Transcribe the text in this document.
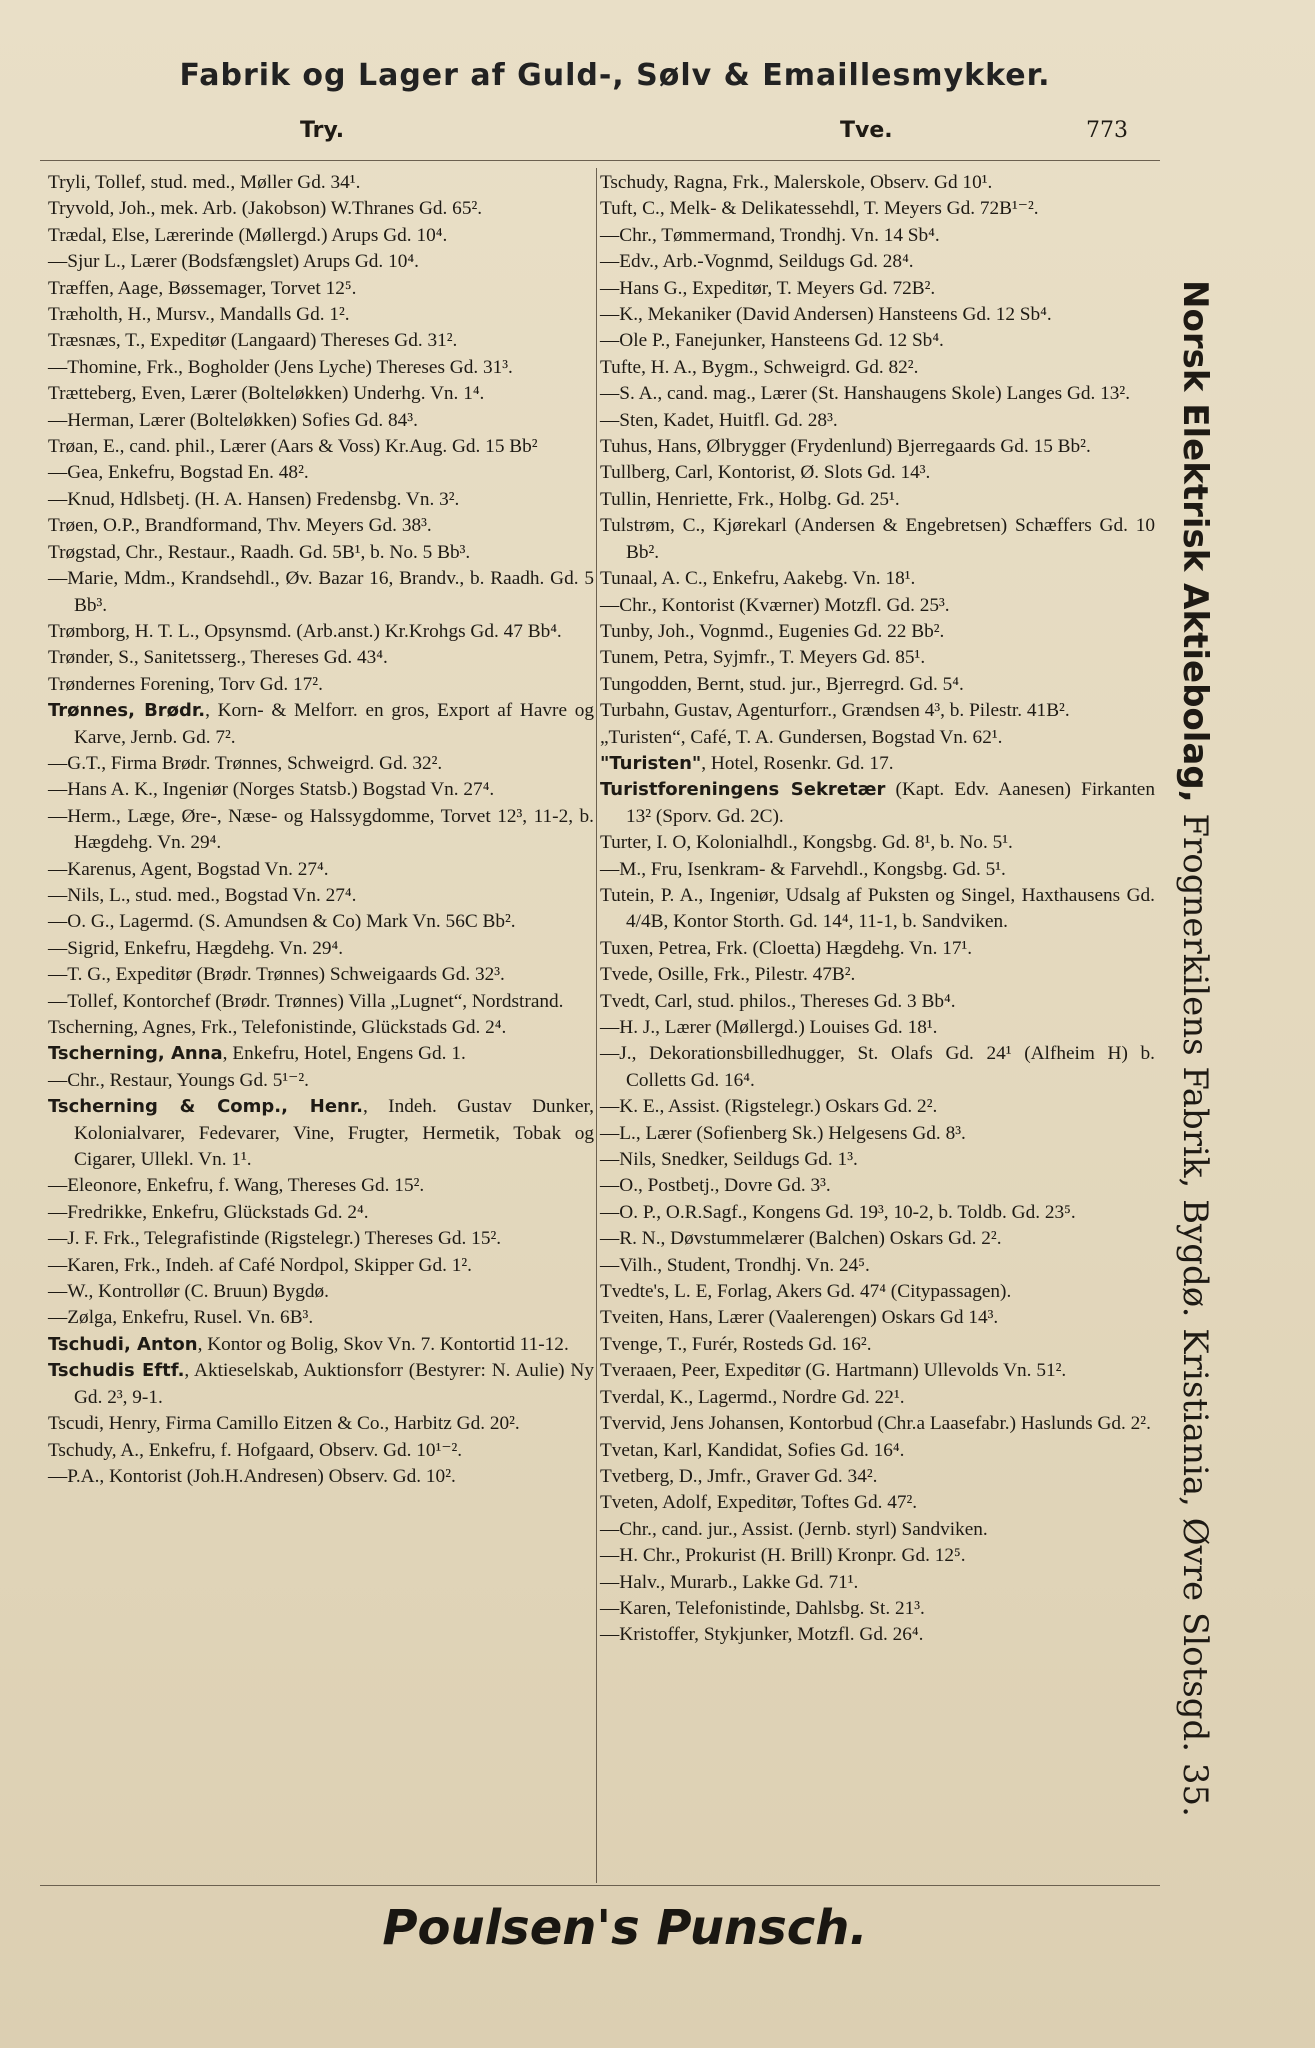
Fabrik og Lager af Guld-, Sølv & Emaillesmykker.
Try.	Tve.	773
Tryli, Tollef, stud. med., Møller Gd. 34¹.
Tryvold, Joh., mek. Arb. (Jakobson) W.Thranes Gd. 65².
Trædal, Else, Lærerinde (Møllergd.) Arups Gd. 10⁴.
—Sjur L., Lærer (Bodsfængslet) Arups Gd. 10⁴.
Træffen, Aage, Bøssemager, Torvet 12⁵.
Træholth, H., Mursv., Mandalls Gd. 1².
Træsnæs, T., Expeditør (Langaard) Thereses Gd. 31².
—Thomine, Frk., Bogholder (Jens Lyche) Thereses Gd. 31³.
Trætteberg, Even, Lærer (Bolteløkken) Underhg. Vn. 1⁴.
—Herman, Lærer (Bolteløkken) Sofies Gd. 84³.
Trøan, E., cand. phil., Lærer (Aars & Voss) Kr.Aug. Gd. 15 Bb²
—Gea, Enkefru, Bogstad En. 48².
—Knud, Hdlsbetj. (H. A. Hansen) Fredensbg. Vn. 3².
Trøen, O.P., Brandformand, Thv. Meyers Gd. 38³.
Trøgstad, Chr., Restaur., Raadh. Gd. 5B¹, b. No. 5 Bb³.
—Marie, Mdm., Krandsehdl., Øv. Bazar 16, Brandv., b. Raadh. Gd. 5 Bb³.
Trømborg, H. T. L., Opsynsmd. (Arb.anst.) Kr.Krohgs Gd. 47 Bb⁴.
Trønder, S., Sanitetsserg., Thereses Gd. 43⁴.
Trøndernes Forening, Torv Gd. 17².
Trønnes, Brødr., Korn- & Melforr. en gros, Export af Havre og Karve, Jernb. Gd. 7².
—G.T., Firma Brødr. Trønnes, Schweigrd. Gd. 32².
—Hans A. K., Ingeniør (Norges Statsb.) Bogstad Vn. 27⁴.
—Herm., Læge, Øre-, Næse- og Halssygdomme, Torvet 12³, 11-2, b. Hægdehg. Vn. 29⁴.
—Karenus, Agent, Bogstad Vn. 27⁴.
—Nils, L., stud. med., Bogstad Vn. 27⁴.
—O. G., Lagermd. (S. Amundsen & Co) Mark Vn. 56C Bb².
—Sigrid, Enkefru, Hægdehg. Vn. 29⁴.
—T. G., Expeditør (Brødr. Trønnes) Schweigaards Gd. 32³.
—Tollef, Kontorchef (Brødr. Trønnes) Villa „Lugnet“, Nordstrand.
Tscherning, Agnes, Frk., Telefonistinde, Glückstads Gd. 2⁴.
Tscherning, Anna, Enkefru, Hotel, Engens Gd. 1.
—Chr., Restaur, Youngs Gd. 5¹⁻².
Tscherning & Comp., Henr., Indeh. Gustav Dunker, Kolonialvarer, Fedevarer, Vine, Frugter, Hermetik, Tobak og Cigarer, Ullekl. Vn. 1¹.
—Eleonore, Enkefru, f. Wang, Thereses Gd. 15².
—Fredrikke, Enkefru, Glückstads Gd. 2⁴.
—J. F. Frk., Telegrafistinde (Rigstelegr.) Thereses Gd. 15².
—Karen, Frk., Indeh. af Café Nordpol, Skipper Gd. 1².
—W., Kontrollør (C. Bruun) Bygdø.
—Zølga, Enkefru, Rusel. Vn. 6B³.
Tschudi, Anton, Kontor og Bolig, Skov Vn. 7. Kontortid 11-12.
Tschudis Eftf., Aktieselskab, Auktionsforr (Bestyrer: N. Aulie) Ny Gd. 2³, 9-1.
Tscudi, Henry, Firma Camillo Eitzen & Co., Harbitz Gd. 20².
Tschudy, A., Enkefru, f. Hofgaard, Observ. Gd. 10¹⁻².
—P.A., Kontorist (Joh.H.Andresen) Observ. Gd. 10².
Tschudy, Ragna, Frk., Malerskole, Observ. Gd 10¹.
Tuft, C., Melk- & Delikatessehdl, T. Meyers Gd. 72B¹⁻².
—Chr., Tømmermand, Trondhj. Vn. 14 Sb⁴.
—Edv., Arb.-Vognmd, Seildugs Gd. 28⁴.
—Hans G., Expeditør, T. Meyers Gd. 72B².
—K., Mekaniker (David Andersen) Hansteens Gd. 12 Sb⁴.
—Ole P., Fanejunker, Hansteens Gd. 12 Sb⁴.
Tufte, H. A., Bygm., Schweigrd. Gd. 82².
—S. A., cand. mag., Lærer (St. Hanshaugens Skole) Langes Gd. 13².
—Sten, Kadet, Huitfl. Gd. 28³.
Tuhus, Hans, Ølbrygger (Frydenlund) Bjerregaards Gd. 15 Bb².
Tullberg, Carl, Kontorist, Ø. Slots Gd. 14³.
Tullin, Henriette, Frk., Holbg. Gd. 25¹.
Tulstrøm, C., Kjørekarl (Andersen & Engebretsen) Schæffers Gd. 10 Bb².
Tunaal, A. C., Enkefru, Aakebg. Vn. 18¹.
—Chr., Kontorist (Kværner) Motzfl. Gd. 25³.
Tunby, Joh., Vognmd., Eugenies Gd. 22 Bb².
Tunem, Petra, Syjmfr., T. Meyers Gd. 85¹.
Tungodden, Bernt, stud. jur., Bjerregrd. Gd. 5⁴.
Turbahn, Gustav, Agenturforr., Grændsen 4³, b. Pilestr. 41B².
„Turisten“, Café, T. A. Gundersen, Bogstad Vn. 62¹.
"Turisten", Hotel, Rosenkr. Gd. 17.
Turistforeningens Sekretær (Kapt. Edv. Aanesen) Firkanten 13² (Sporv. Gd. 2C).
Turter, I. O, Kolonialhdl., Kongsbg. Gd. 8¹, b. No. 5¹.
—M., Fru, Isenkram- & Farvehdl., Kongsbg. Gd. 5¹.
Tutein, P. A., Ingeniør, Udsalg af Puksten og Singel, Haxthausens Gd. 4/4B, Kontor Storth. Gd. 14⁴, 11-1, b. Sandviken.
Tuxen, Petrea, Frk. (Cloetta) Hægdehg. Vn. 17¹.
Tvede, Osille, Frk., Pilestr. 47B².
Tvedt, Carl, stud. philos., Thereses Gd. 3 Bb⁴.
—H. J., Lærer (Møllergd.) Louises Gd. 18¹.
—J., Dekorationsbilledhugger, St. Olafs Gd. 24¹ (Alfheim H) b. Colletts Gd. 16⁴.
—K. E., Assist. (Rigstelegr.) Oskars Gd. 2².
—L., Lærer (Sofienberg Sk.) Helgesens Gd. 8³.
—Nils, Snedker, Seildugs Gd. 1³.
—O., Postbetj., Dovre Gd. 3³.
—O. P., O.R.Sagf., Kongens Gd. 19³, 10-2, b. Toldb. Gd. 23⁵.
—R. N., Døvstummelærer (Balchen) Oskars Gd. 2².
—Vilh., Student, Trondhj. Vn. 24⁵.
Tvedte's, L. E, Forlag, Akers Gd. 47⁴ (Citypassagen).
Tveiten, Hans, Lærer (Vaalerengen) Oskars Gd 14³.
Tvenge, T., Furér, Rosteds Gd. 16².
Tveraaen, Peer, Expeditør (G. Hartmann) Ullevolds Vn. 51².
Tverdal, K., Lagermd., Nordre Gd. 22¹.
Tvervid, Jens Johansen, Kontorbud (Chr.a Laasefabr.) Haslunds Gd. 2².
Tvetan, Karl, Kandidat, Sofies Gd. 16⁴.
Tvetberg, D., Jmfr., Graver Gd. 34².
Tveten, Adolf, Expeditør, Toftes Gd. 47².
—Chr., cand. jur., Assist. (Jernb. styrl) Sandviken.
—H. Chr., Prokurist (H. Brill) Kronpr. Gd. 12⁵.
—Halv., Murarb., Lakke Gd. 71¹.
—Karen, Telefonistinde, Dahlsbg. St. 21³.
—Kristoffer, Stykjunker, Motzfl. Gd. 26⁴.
Norsk Elektrisk Aktiebolag, Frognerkilens Fabrik, Bygdø. Kristiania, Øvre Slotsgd. 35.
Poulsen's Punsch.
